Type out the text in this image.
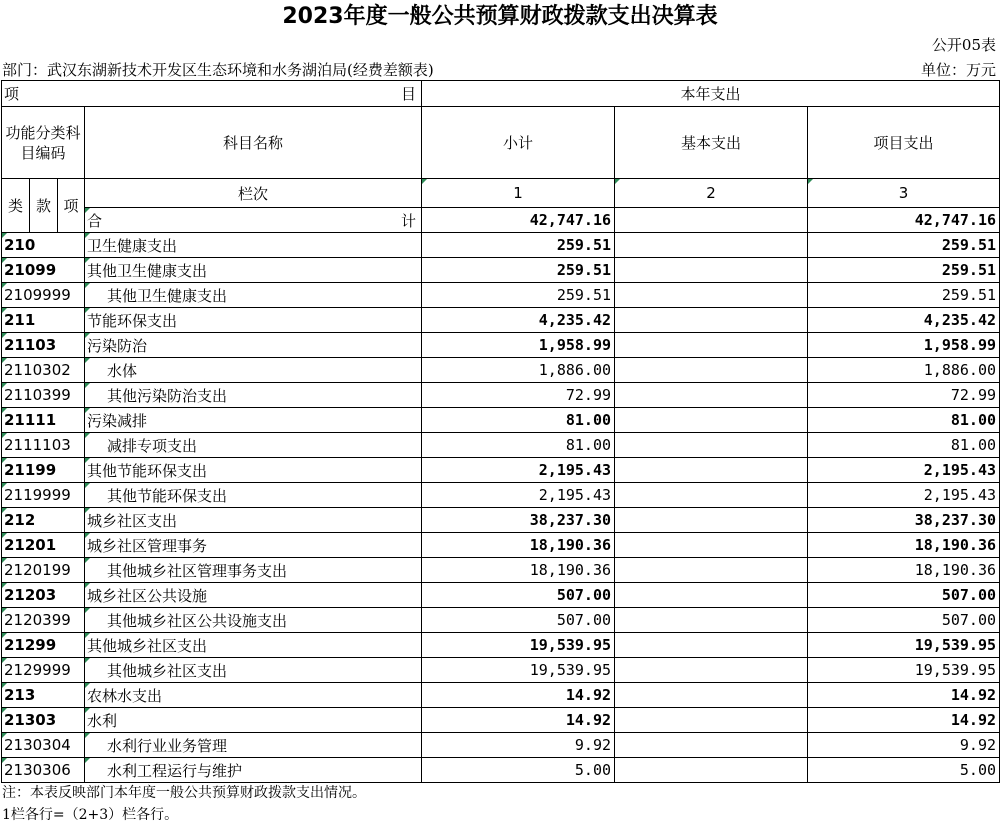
2023年度一般公共预算财政拨款支出决算表
公开05表
部门：武汉东湖新技术开发区生态环境和水务湖泊局(经费差额表)	单位：万元
项 目				本年支出		
功能分类科目编码			科目名称	小计	基本支出	项目支出
类	款	项	栏次	1	2	3

			合 计	42,747.16		42,747.16
210			卫生健康支出	259.51		259.51
21099			其他卫生健康支出	259.51		259.51
2109999			其他卫生健康支出	259.51		259.51
211			节能环保支出	4,235.42		4,235.42
21103			污染防治	1,958.99		1,958.99
2110302			水体	1,886.00		1,886.00
2110399			其他污染防治支出	72.99		72.99
21111			污染减排	81.00		81.00
2111103			减排专项支出	81.00		81.00
21199			其他节能环保支出	2,195.43		2,195.43
2119999			其他节能环保支出	2,195.43		2,195.43
212			城乡社区支出	38,237.30		38,237.30
21201			城乡社区管理事务	18,190.36		18,190.36
2120199			其他城乡社区管理事务支出	18,190.36		18,190.36
21203			城乡社区公共设施	507.00		507.00
2120399			其他城乡社区公共设施支出	507.00		507.00
21299			其他城乡社区支出	19,539.95		19,539.95
2129999			其他城乡社区支出	19,539.95		19,539.95
213			农林水支出	14.92		14.92
21303			水利	14.92		14.92
2130304			水利行业业务管理	9.92		9.92
2130306			水利工程运行与维护	5.00		5.00
注：本表反映部门本年度一般公共预算财政拨款支出情况。
1栏各行=（2+3）栏各行。
